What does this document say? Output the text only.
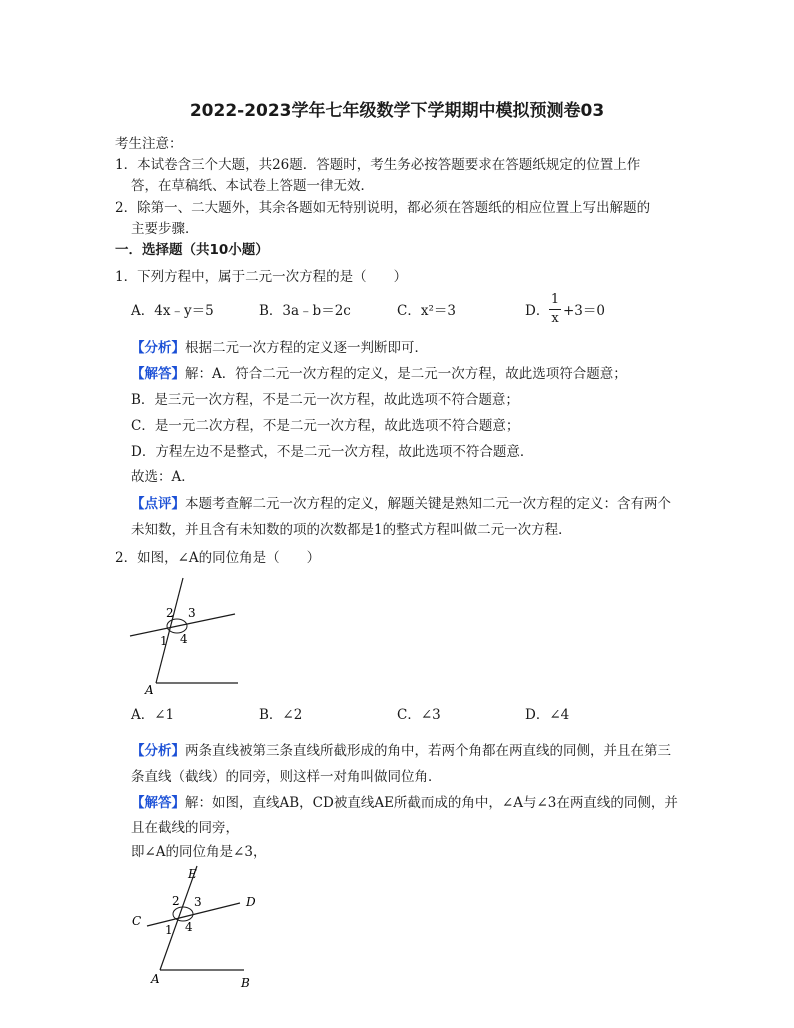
2022-2023学年七年级数学下学期期中模拟预测卷03
考生注意：
1．本试卷含三个大题，共26题．答题时，考生务必按答题要求在答题纸规定的位置上作
答，在草稿纸、本试卷上答题一律无效．
2．除第一、二大题外，其余各题如无特别说明，都必须在答题纸的相应位置上写出解题的
主要步骤．
一．选择题（共10小题）
1．下列方程中，属于二元一次方程的是（　　）
A．4x﹣y＝5	B．3a﹣b＝2c	C．x²＝3	D．
1
x +3＝0
【分析】根据二元一次方程的定义逐一判断即可．
【解答】解：A．符合二元一次方程的定义，是二元一次方程，故此选项符合题意；
B．是三元一次方程，不是二元一次方程，故此选项不符合题意；
C．是一元二次方程，不是二元一次方程，故此选项不符合题意；
D．方程左边不是整式，不是二元一次方程，故此选项不符合题意．
故选：A．
【点评】本题考查解二元一次方程的定义，解题关键是熟知二元一次方程的定义：含有两个
未知数，并且含有未知数的项的次数都是1的整式方程叫做二元一次方程．
2．如图，∠A的同位角是（　　）
2 3
1 4
A
A．∠1	B．∠2	C．∠3	D．∠4
【分析】两条直线被第三条直线所截形成的角中，若两个角都在两直线的同侧，并且在第三
条直线（截线）的同旁，则这样一对角叫做同位角．
【解答】解：如图，直线AB，CD被直线AE所截而成的角中，∠A与∠3在两直线的同侧，并
且在截线的同旁，
即∠A的同位角是∠3，
E
D
C
2 3
1 4
A	B
